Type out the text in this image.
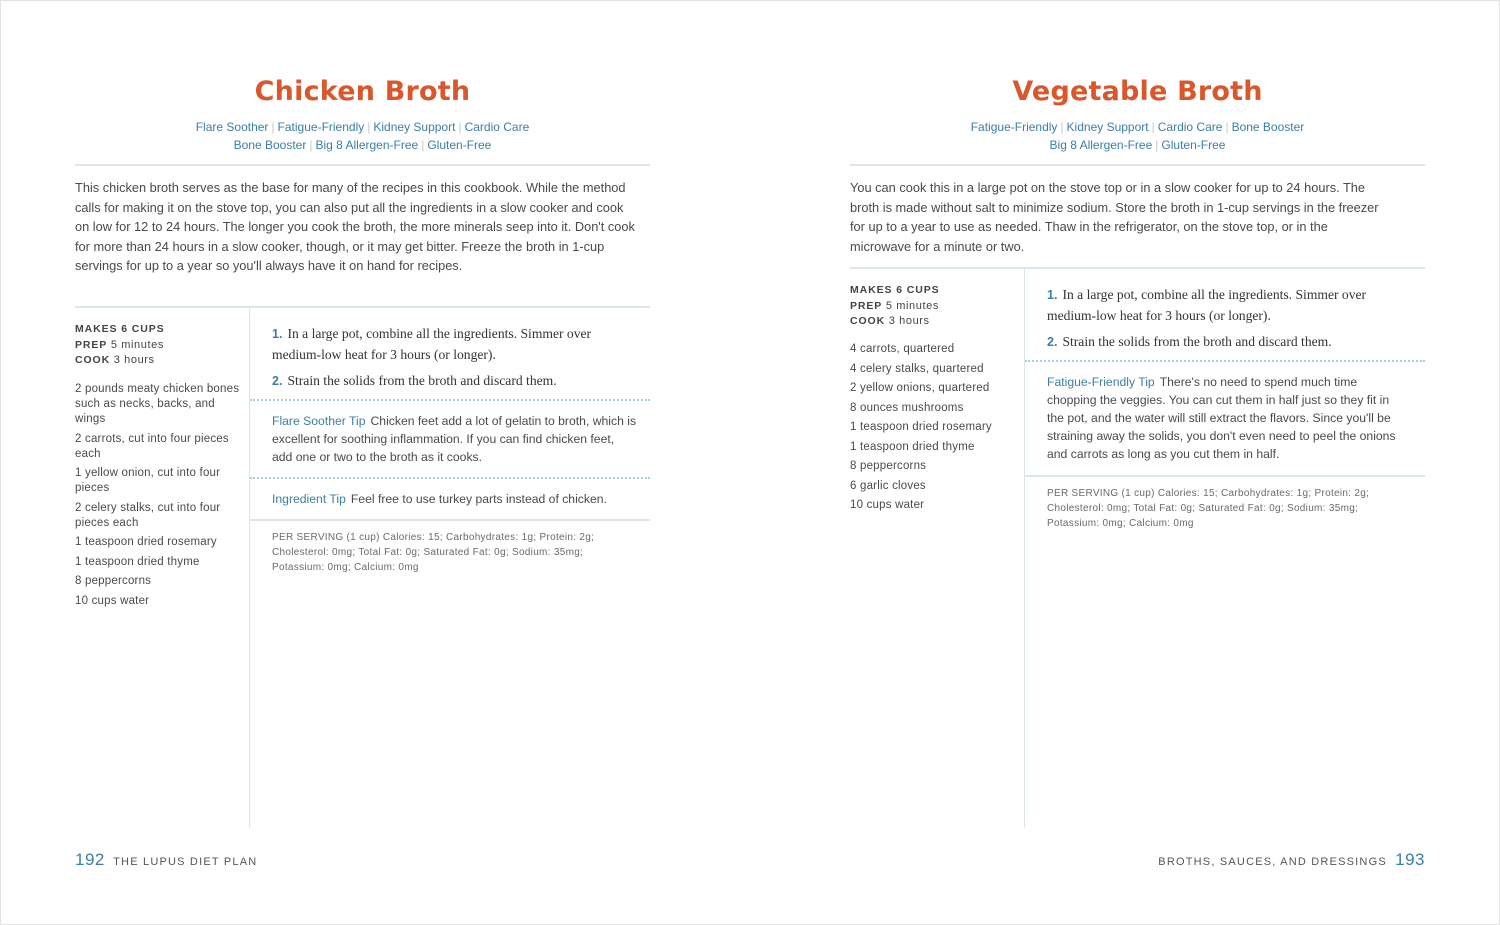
Chicken Broth
Flare Soother | Fatigue-Friendly | Kidney Support | Cardio Care
Bone Booster | Big 8 Allergen-Free | Gluten-Free

This chicken broth serves as the base for many of the recipes in this cookbook. While the method calls for making it on the stove top, you can also put all the ingredients in a slow cooker and cook on low for 12 to 24 hours. The longer you cook the broth, the more minerals seep into it. Don't cook for more than 24 hours in a slow cooker, though, or it may get bitter. Freeze the broth in 1-cup servings for up to a year so you'll always have it on hand for recipes.

MAKES 6 CUPS
PREP 5 minutes
COOK 3 hours
2 pounds meaty chicken bones such as necks, backs, and wings
2 carrots, cut into four pieces each
1 yellow onion, cut into four pieces
2 celery stalks, cut into four pieces each
1 teaspoon dried rosemary
1 teaspoon dried thyme
8 peppercorns
10 cups water

1. In a large pot, combine all the ingredients. Simmer over medium-low heat for 3 hours (or longer).

2. Strain the solids from the broth and discard them.

Flare Soother Tip Chicken feet add a lot of gelatin to broth, which is excellent for soothing inflammation. If you can find chicken feet, add one or two to the broth as it cooks.

Ingredient Tip Feel free to use turkey parts instead of chicken.

PER SERVING (1 cup) Calories: 15; Carbohydrates: 1g; Protein: 2g; Cholesterol: 0mg; Total Fat: 0g; Saturated Fat: 0g; Sodium: 35mg; Potassium: 0mg; Calcium: 0mg

192 THE LUPUS DIET PLAN
Vegetable Broth
Fatigue-Friendly | Kidney Support | Cardio Care | Bone Booster
Big 8 Allergen-Free | Gluten-Free

You can cook this in a large pot on the stove top or in a slow cooker for up to 24 hours. The broth is made without salt to minimize sodium. Store the broth in 1-cup servings in the freezer for up to a year to use as needed. Thaw in the refrigerator, on the stove top, or in the microwave for a minute or two.

MAKES 6 CUPS
PREP 5 minutes
COOK 3 hours
4 carrots, quartered
4 celery stalks, quartered
2 yellow onions, quartered
8 ounces mushrooms
1 teaspoon dried rosemary
1 teaspoon dried thyme
8 peppercorns
6 garlic cloves
10 cups water

1. In a large pot, combine all the ingredients. Simmer over medium-low heat for 3 hours (or longer).

2. Strain the solids from the broth and discard them.

Fatigue-Friendly Tip There's no need to spend much time chopping the veggies. You can cut them in half just so they fit in the pot, and the water will still extract the flavors. Since you'll be straining away the solids, you don't even need to peel the onions and carrots as long as you cut them in half.

PER SERVING (1 cup) Calories: 15; Carbohydrates: 1g; Protein: 2g; Cholesterol: 0mg; Total Fat: 0g; Saturated Fat: 0g; Sodium: 35mg; Potassium: 0mg; Calcium: 0mg

BROTHS, SAUCES, AND DRESSINGS 193
